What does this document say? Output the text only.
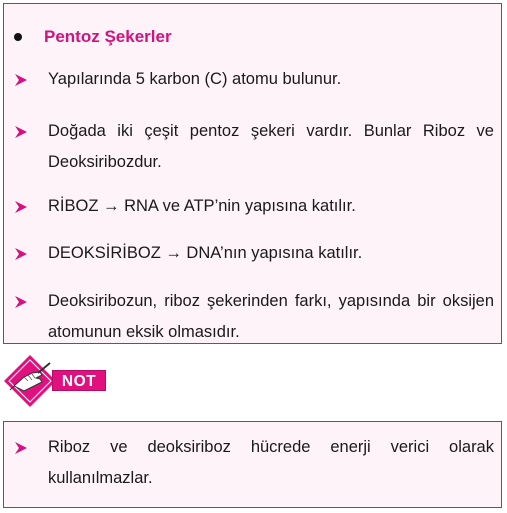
Pentoz Şekerler
Yapılarında 5 karbon (C) atomu bulunur.
Doğada iki çeşit pentoz şekeri vardır. Bunlar Riboz ve Deoksiribozdur.
RİBOZ → RNA ve ATP’nin yapısına katılır.
DEOKSİRİBOZ → DNA’nın yapısına katılır.
Deoksiribozun, riboz şekerinden farkı, yapısında bir oksijen atomunun eksik olmasıdır.
NOT
Riboz ve deoksiriboz hücrede enerji verici olarak kullanılmazlar.
